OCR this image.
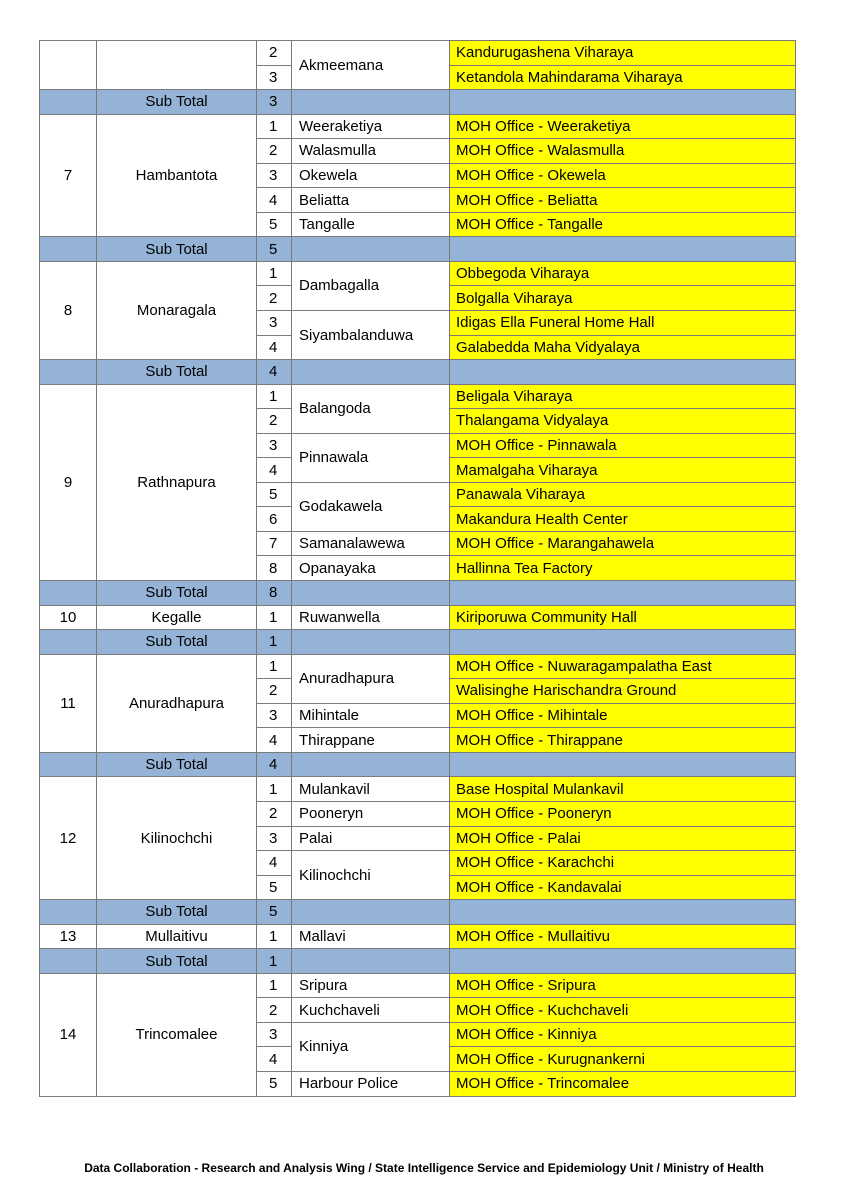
		2	Akmeemana	Kandurugashena Viharaya
		3		Ketandola Mahindarama Viharaya
	Sub Total	3		
7	Hambantota	1	Weeraketiya	MOH Office - Weeraketiya
		2	Walasmulla	MOH Office - Walasmulla
		3	Okewela	MOH Office - Okewela
		4	Beliatta	MOH Office - Beliatta
		5	Tangalle	MOH Office - Tangalle
	Sub Total	5		
8	Monaragala	1	Dambagalla	Obbegoda Viharaya
		2		Bolgalla Viharaya
		3	Siyambalanduwa	Idigas Ella Funeral Home Hall
		4		Galabedda Maha Vidyalaya
	Sub Total	4		
9	Rathnapura	1	Balangoda	Beligala Viharaya
		2		Thalangama Vidyalaya
		3	Pinnawala	MOH Office - Pinnawala
		4		Mamalgaha Viharaya
		5	Godakawela	Panawala Viharaya
		6		Makandura Health Center
		7	Samanalawewa	MOH Office - Marangahawela
		8	Opanayaka	Hallinna Tea Factory
	Sub Total	8		
10	Kegalle	1	Ruwanwella	Kiriporuwa Community Hall
	Sub Total	1		
11	Anuradhapura	1	Anuradhapura	MOH Office - Nuwaragampalatha East
		2		Walisinghe Harischandra Ground
		3	Mihintale	MOH Office - Mihintale
		4	Thirappane	MOH Office - Thirappane
	Sub Total	4		
12	Kilinochchi	1	Mulankavil	Base Hospital Mulankavil
		2	Pooneryn	MOH Office - Pooneryn
		3	Palai	MOH Office - Palai
		4	Kilinochchi	MOH Office - Karachchi
		5		MOH Office - Kandavalai
	Sub Total	5		
13	Mullaitivu	1	Mallavi	MOH Office - Mullaitivu
	Sub Total	1		
14	Trincomalee	1	Sripura	MOH Office - Sripura
		2	Kuchchaveli	MOH Office - Kuchchaveli
		3	Kinniya	MOH Office - Kinniya
		4		MOH Office - Kurugnankerni
		5	Harbour Police	MOH Office - Trincomalee
Data Collaboration - Research and Analysis Wing / State Intelligence Service and Epidemiology Unit / Ministry of Health
